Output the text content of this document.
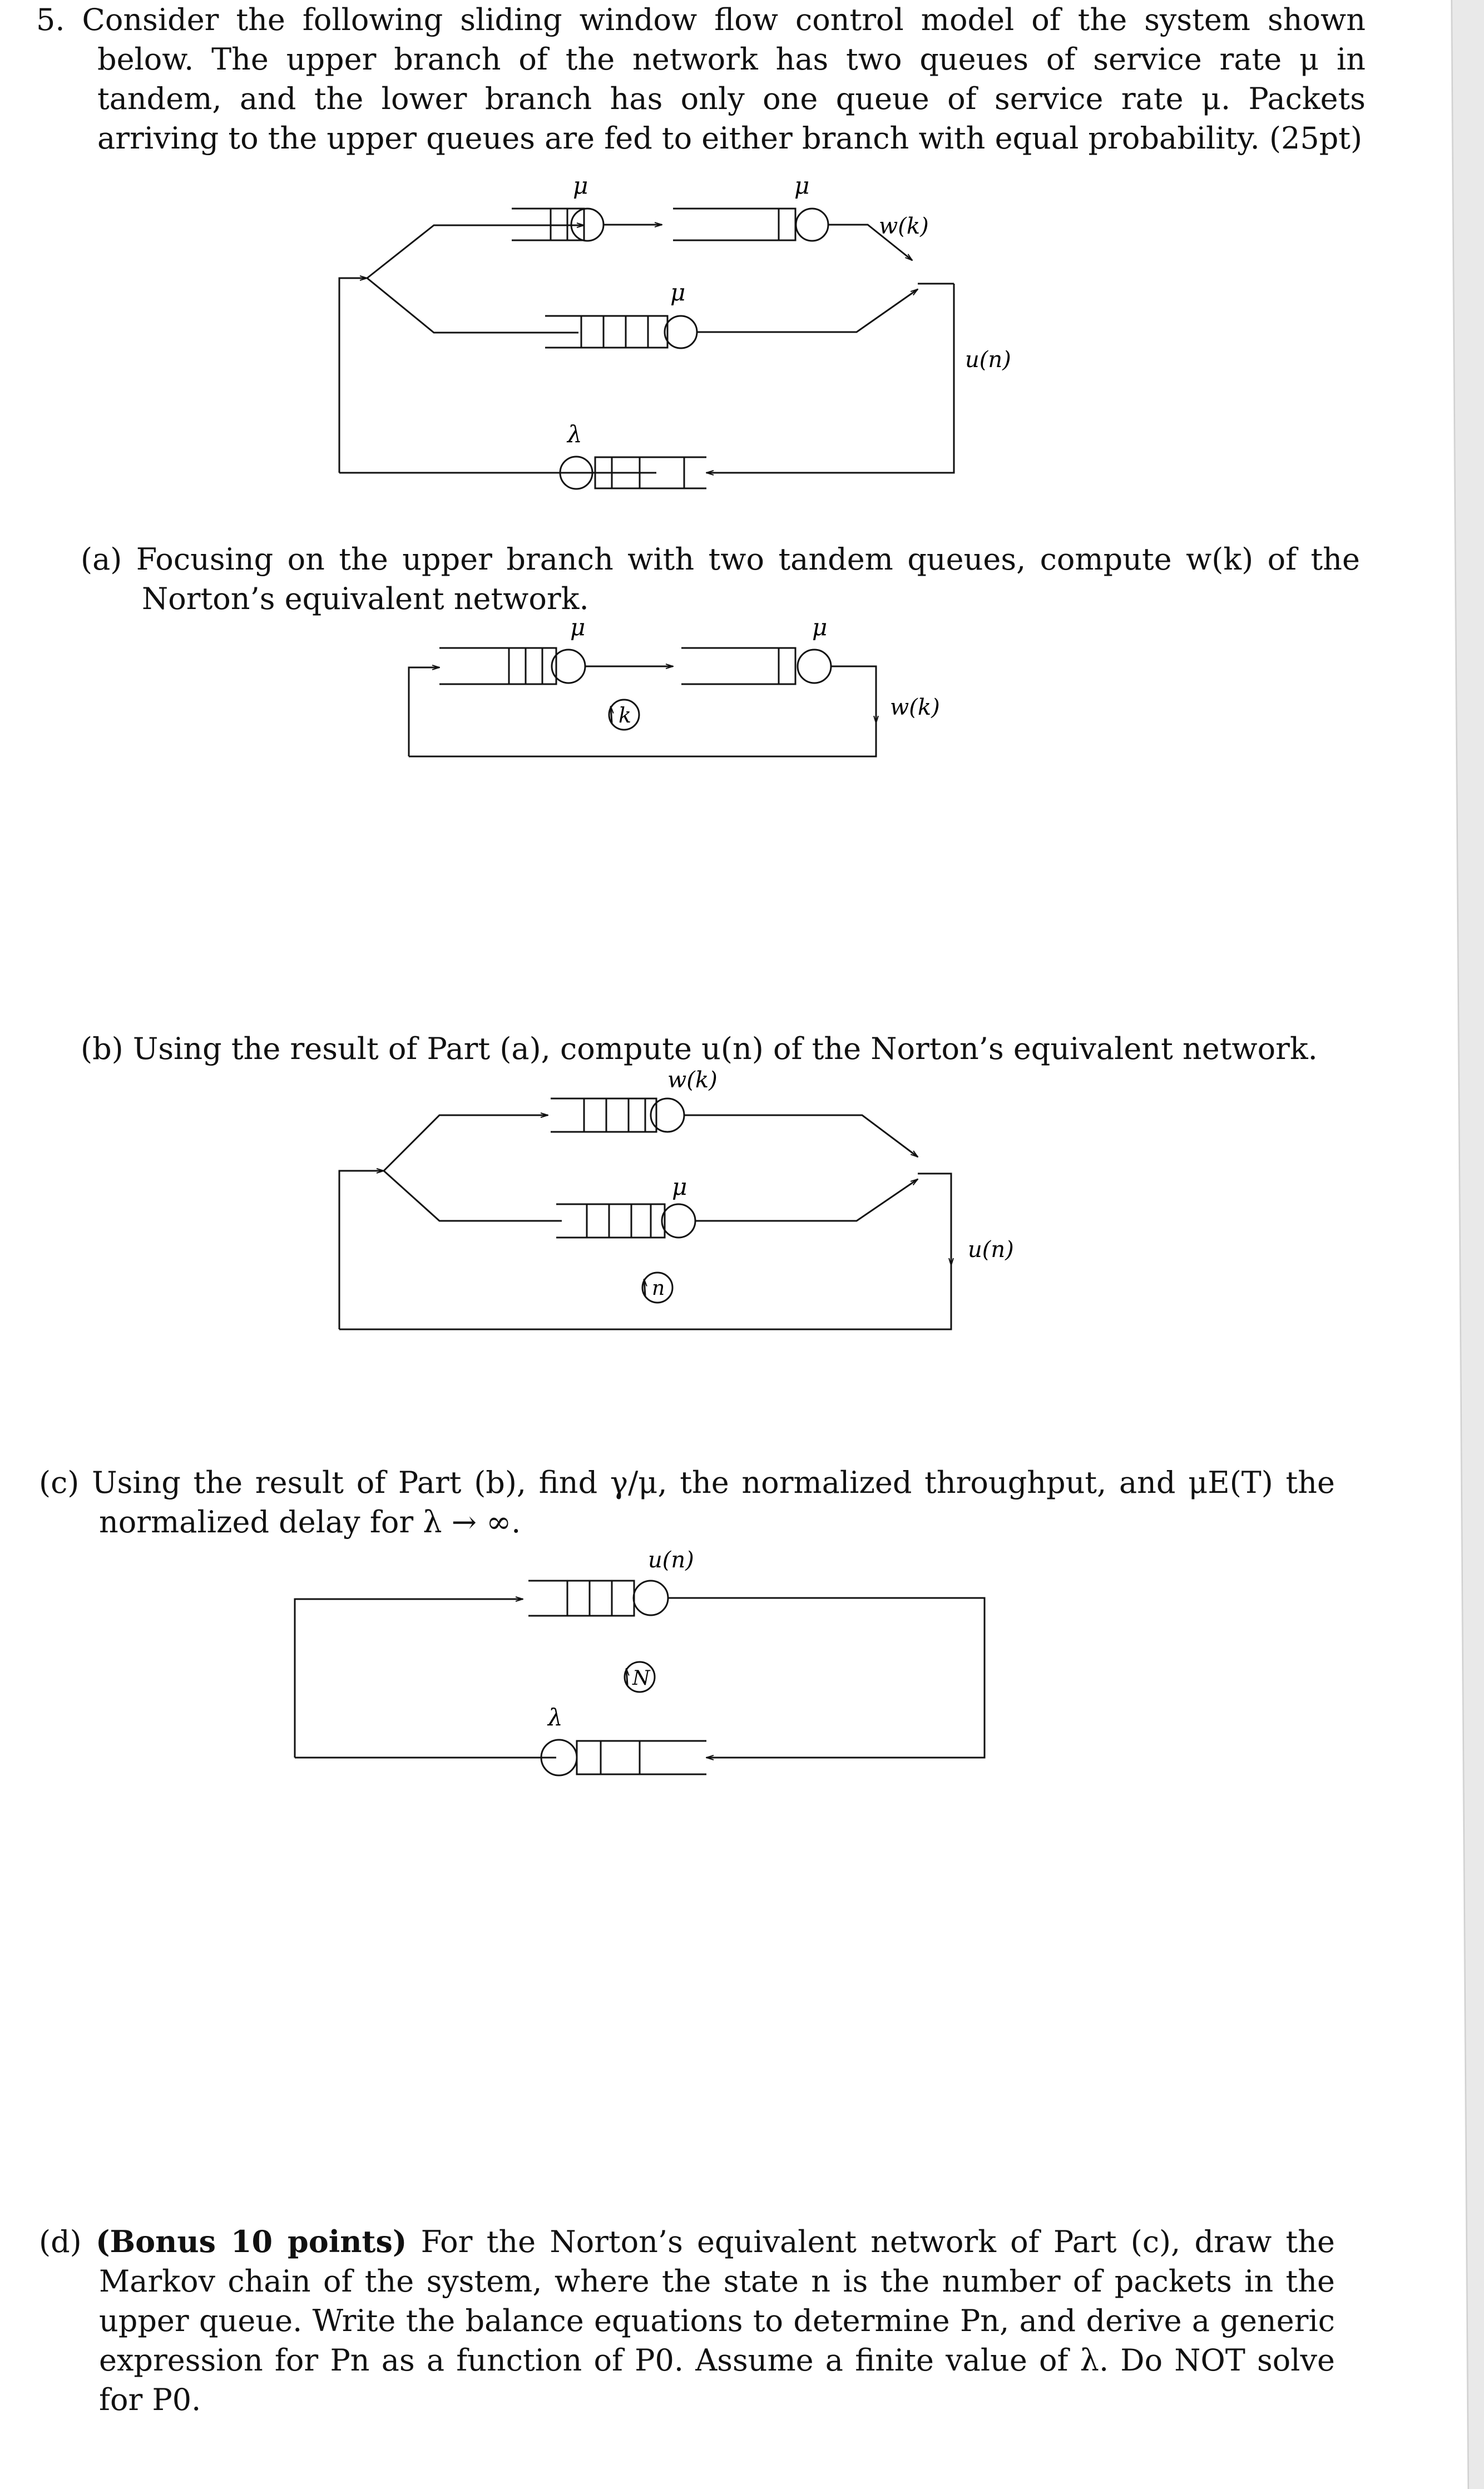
5. Consider the following sliding window flow control model of the system shown below. The upper branch of the network has two queues of service rate μ in tandem, and the lower branch has only one queue of service rate μ. Packets arriving to the upper queues are fed to either branch with equal probability. (25pt)
μ	μ
μ
w(k)
u(n)
λ
(a) Focusing on the upper branch with two tandem queues, compute w(k) of the Norton’s equivalent network.
μ	μ
k	w(k)
(b) Using the result of Part (a), compute u(n) of the Norton’s equivalent network.
w(k)
μ
n
u(n)
(c) Using the result of Part (b), find γ/μ, the normalized throughput, and μE(T) the normalized delay for λ → ∞.
u(n)
N
λ
(d) (Bonus 10 points) For the Norton’s equivalent network of Part (c), draw the Markov chain of the system, where the state n is the number of packets in the upper queue. Write the balance equations to determine Pn, and derive a generic expression for Pn as a function of P0. Assume a finite value of λ. Do NOT solve for P0.
